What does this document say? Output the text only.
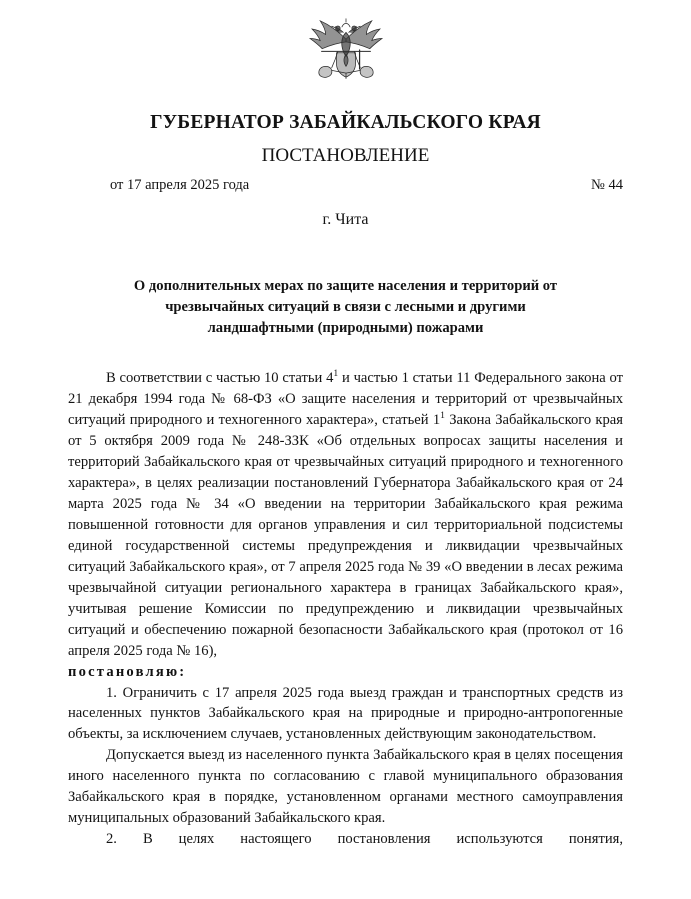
ГУБЕРНАТОР ЗАБАЙКАЛЬСКОГО КРАЯ
ПОСТАНОВЛЕНИЕ
от 17 апреля 2025 года	№ 44
г. Чита
О дополнительных мерах по защите населения и территорий от чрезвычайных ситуаций в связи с лесными и другими ландшафтными (природными) пожарами

В соответствии с частью 10 статьи 4$^1$ и частью 1 статьи 11 Федерального закона от 21 декабря 1994 года № 68-ФЗ «О защите населения и территорий от чрезвычайных ситуаций природного и техногенного характера», статьей 1$^1$ Закона Забайкальского края от 5 октября 2009 года № 248-ЗЗК «Об отдельных вопросах защиты населения и территорий Забайкальского края от чрезвычайных ситуаций природного и техногенного характера», в целях реализации постановлений Губернатора Забайкальского края от 24 марта 2025 года № 34 «О введении на территории Забайкальского края режима повышенной готовности для органов управления и сил территориальной подсистемы единой государственной системы предупреждения и ликвидации чрезвычайных ситуаций Забайкальского края», от 7 апреля 2025 года № 39 «О введении в лесах режима чрезвычайной ситуации регионального характера в границах Забайкальского края», учитывая решение Комиссии по предупреждению и ликвидации чрезвычайных ситуаций и обеспечению пожарной безопасности Забайкальского края (протокол от 16 апреля 2025 года № 16),

постановляю:

1. Ограничить с 17 апреля 2025 года выезд граждан и транспортных средств из населенных пунктов Забайкальского края на природные и природно-антропогенные объекты, за исключением случаев, установленных действующим законодательством.

Допускается выезд из населенного пункта Забайкальского края в целях посещения иного населенного пункта по согласованию с главой муниципального образования Забайкальского края в порядке, установленном органами местного самоуправления муниципальных образований Забайкальского края.

2. В целях настоящего постановления используются понятия,
